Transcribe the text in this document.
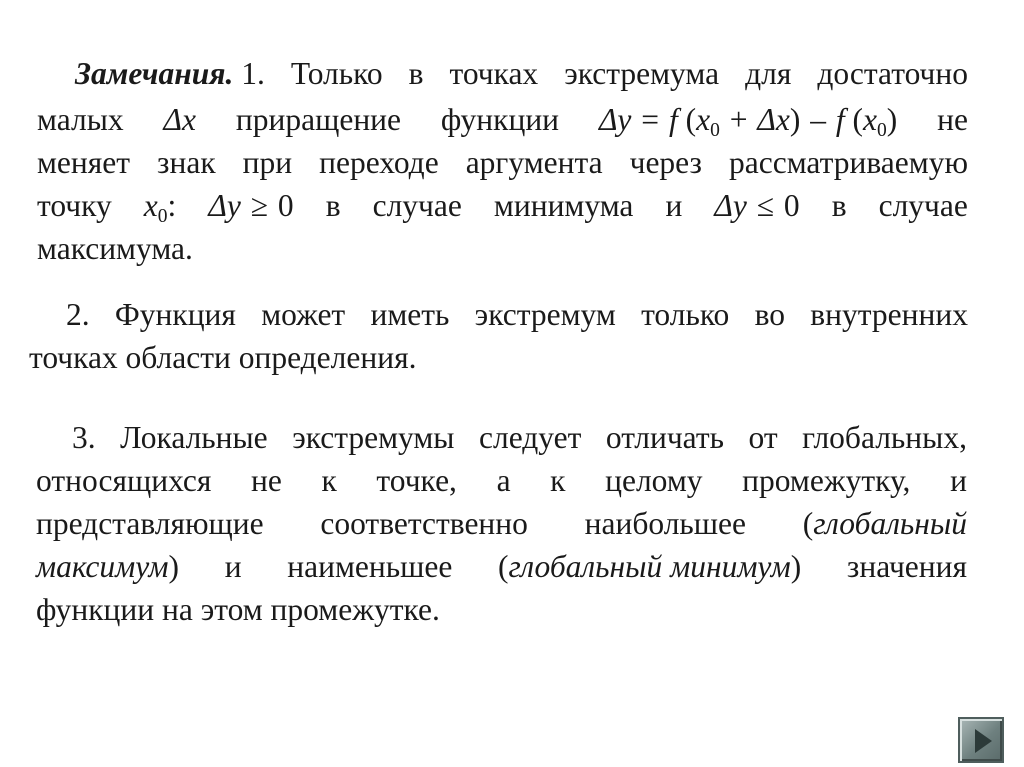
Замечания. 1. Только в точках экстремума для достаточно
малых Δx приращение функции Δy = f $(x_0 + \Delta x) - f$ $(x_0)$ не
меняет знак при переходе аргумента через рассматриваемую
точку $x_0$: Δy ≥ 0 в случае минимума и Δy ≤ 0 в случае
максимума.
2. Функция может иметь экстремум только во внутренних
точках области определения.
3. Локальные экстремумы следует отличать от глобальных,
относящихся не к точке, а к целому промежутку, и
представляющие соответственно наибольшее (глобальный
максимум) и наименьшее (глобальный минимум) значения
функции на этом промежутке.
